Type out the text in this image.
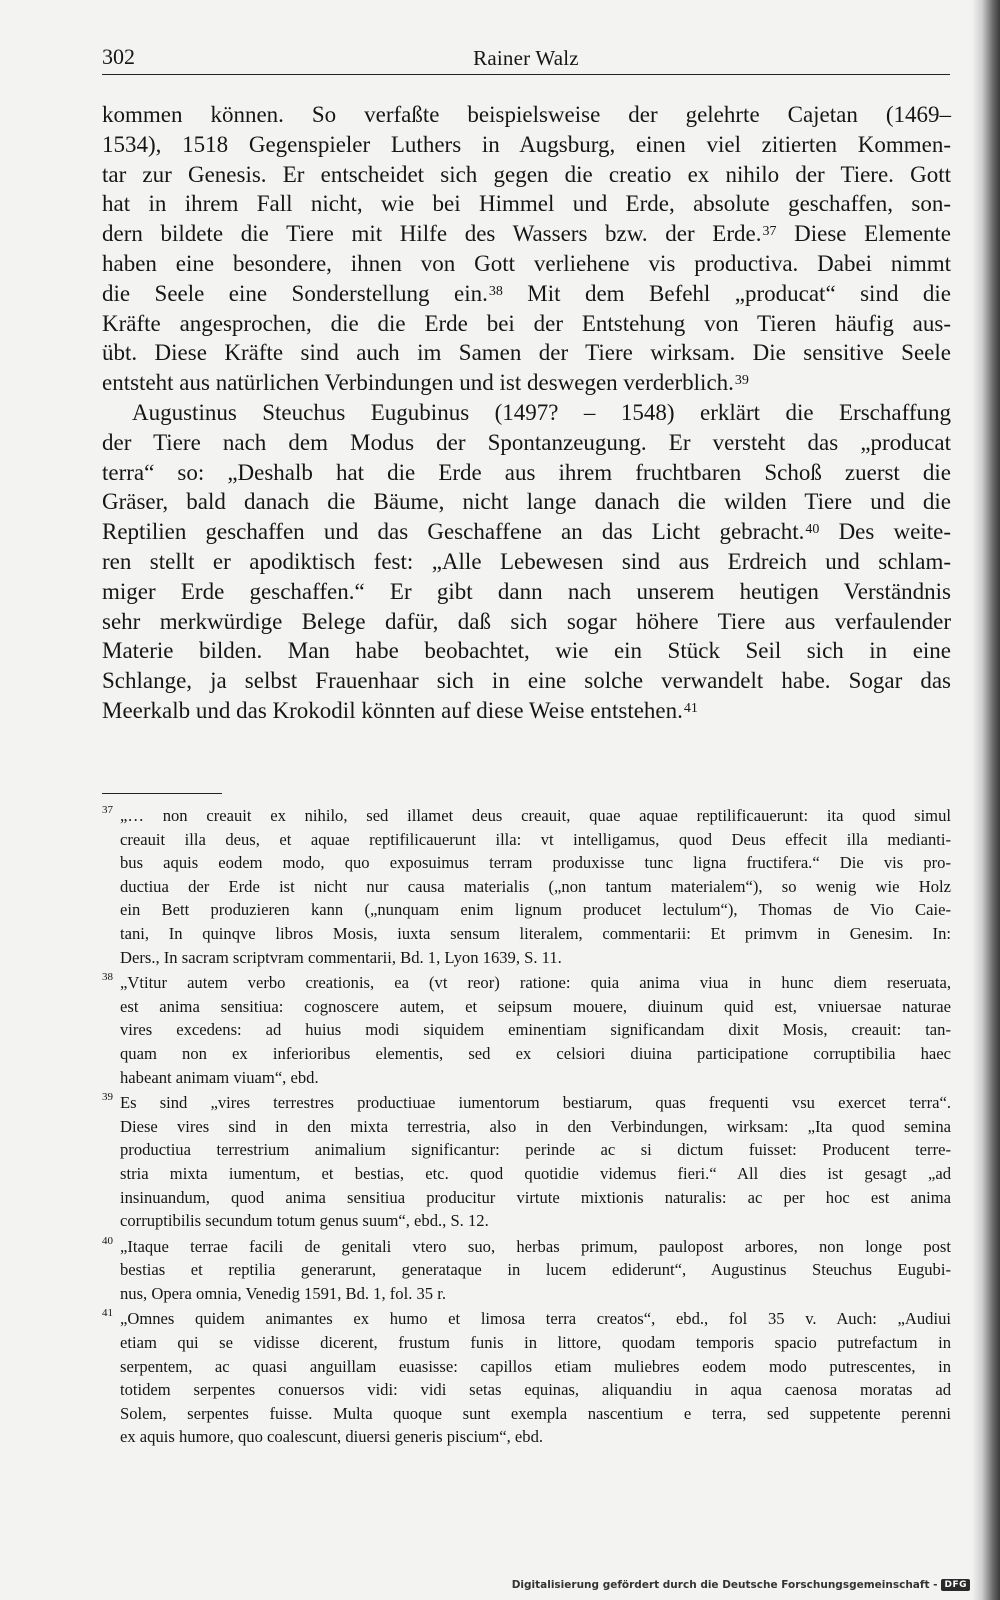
302	Rainer Walz
kommen können. So verfaßte beispielsweise der gelehrte Cajetan (1469–
1534), 1518 Gegenspieler Luthers in Augsburg, einen viel zitierten Kommen-
tar zur Genesis. Er entscheidet sich gegen die creatio ex nihilo der Tiere. Gott
hat in ihrem Fall nicht, wie bei Himmel und Erde, absolute geschaffen, son-
dern bildete die Tiere mit Hilfe des Wassers bzw. der Erde.$^{37}$ Diese Elemente
haben eine besondere, ihnen von Gott verliehene vis productiva. Dabei nimmt
die Seele eine Sonderstellung ein.$^{38}$ Mit dem Befehl „producat“ sind die
Kräfte angesprochen, die die Erde bei der Entstehung von Tieren häufig aus-
übt. Diese Kräfte sind auch im Samen der Tiere wirksam. Die sensitive Seele
entsteht aus natürlichen Verbindungen und ist deswegen verderblich.$^{39}$
Augustinus Steuchus Eugubinus (1497? – 1548) erklärt die Erschaffung
der Tiere nach dem Modus der Spontanzeugung. Er versteht das „producat
terra“ so: „Deshalb hat die Erde aus ihrem fruchtbaren Schoß zuerst die
Gräser, bald danach die Bäume, nicht lange danach die wilden Tiere und die
Reptilien geschaffen und das Geschaffene an das Licht gebracht.$^{40}$ Des weite-
ren stellt er apodiktisch fest: „Alle Lebewesen sind aus Erdreich und schlam-
miger Erde geschaffen.“ Er gibt dann nach unserem heutigen Verständnis
sehr merkwürdige Belege dafür, daß sich sogar höhere Tiere aus verfaulender
Materie bilden. Man habe beobachtet, wie ein Stück Seil sich in eine
Schlange, ja selbst Frauenhaar sich in eine solche verwandelt habe. Sogar das
Meerkalb und das Krokodil könnten auf diese Weise entstehen.$^{41}$
37 „… non creauit ex nihilo, sed illamet deus creauit, quae aquae reptilificauerunt: ita quod simul
creauit illa deus, et aquae reptifilicauerunt illa: vt intelligamus, quod Deus effecit illa medianti-
bus aquis eodem modo, quo exposuimus terram produxisse tunc ligna fructifera.“ Die vis pro-
ductiua der Erde ist nicht nur causa materialis („non tantum materialem“), so wenig wie Holz
ein Bett produzieren kann („nunquam enim lignum producet lectulum“), Thomas de Vio Caie-
tani, In quinqve libros Mosis, iuxta sensum literalem, commentarii: Et primvm in Genesim. In:
Ders., In sacram scriptvram commentarii, Bd. 1, Lyon 1639, S. 11.
38 „Vtitur autem verbo creationis, ea (vt reor) ratione: quia anima viua in hunc diem reseruata,
est anima sensitiua: cognoscere autem, et seipsum mouere, diuinum quid est, vniuersae naturae
vires excedens: ad huius modi siquidem eminentiam significandam dixit Mosis, creauit: tan-
quam non ex inferioribus elementis, sed ex celsiori diuina participatione corruptibilia haec
habeant animam viuam“, ebd.
39 Es sind „vires terrestres productiuae iumentorum bestiarum, quas frequenti vsu exercet terra“.
Diese vires sind in den mixta terrestria, also in den Verbindungen, wirksam: „Ita quod semina
productiua terrestrium animalium significantur: perinde ac si dictum fuisset: Producent terre-
stria mixta iumentum, et bestias, etc. quod quotidie videmus fieri.“ All dies ist gesagt „ad
insinuandum, quod anima sensitiua producitur virtute mixtionis naturalis: ac per hoc est anima
corruptibilis secundum totum genus suum“, ebd., S. 12.
40 „Itaque terrae facili de genitali vtero suo, herbas primum, paulopost arbores, non longe post
bestias et reptilia generarunt, generataque in lucem ediderunt“, Augustinus Steuchus Eugubi-
nus, Opera omnia, Venedig 1591, Bd. 1, fol. 35 r.
41 „Omnes quidem animantes ex humo et limosa terra creatos“, ebd., fol 35 v. Auch: „Audiui
etiam qui se vidisse dicerent, frustum funis in littore, quodam temporis spacio putrefactum in
serpentem, ac quasi anguillam euasisse: capillos etiam muliebres eodem modo putrescentes, in
totidem serpentes conuersos vidi: vidi setas equinas, aliquandiu in aqua caenosa moratas ad
Solem, serpentes fuisse. Multa quoque sunt exempla nascentium e terra, sed suppetente perenni
ex aquis humore, quo coalescunt, diuersi generis piscium“, ebd.
Digitalisierung gefördert durch die Deutsche Forschungsgemeinschaft - DFG
